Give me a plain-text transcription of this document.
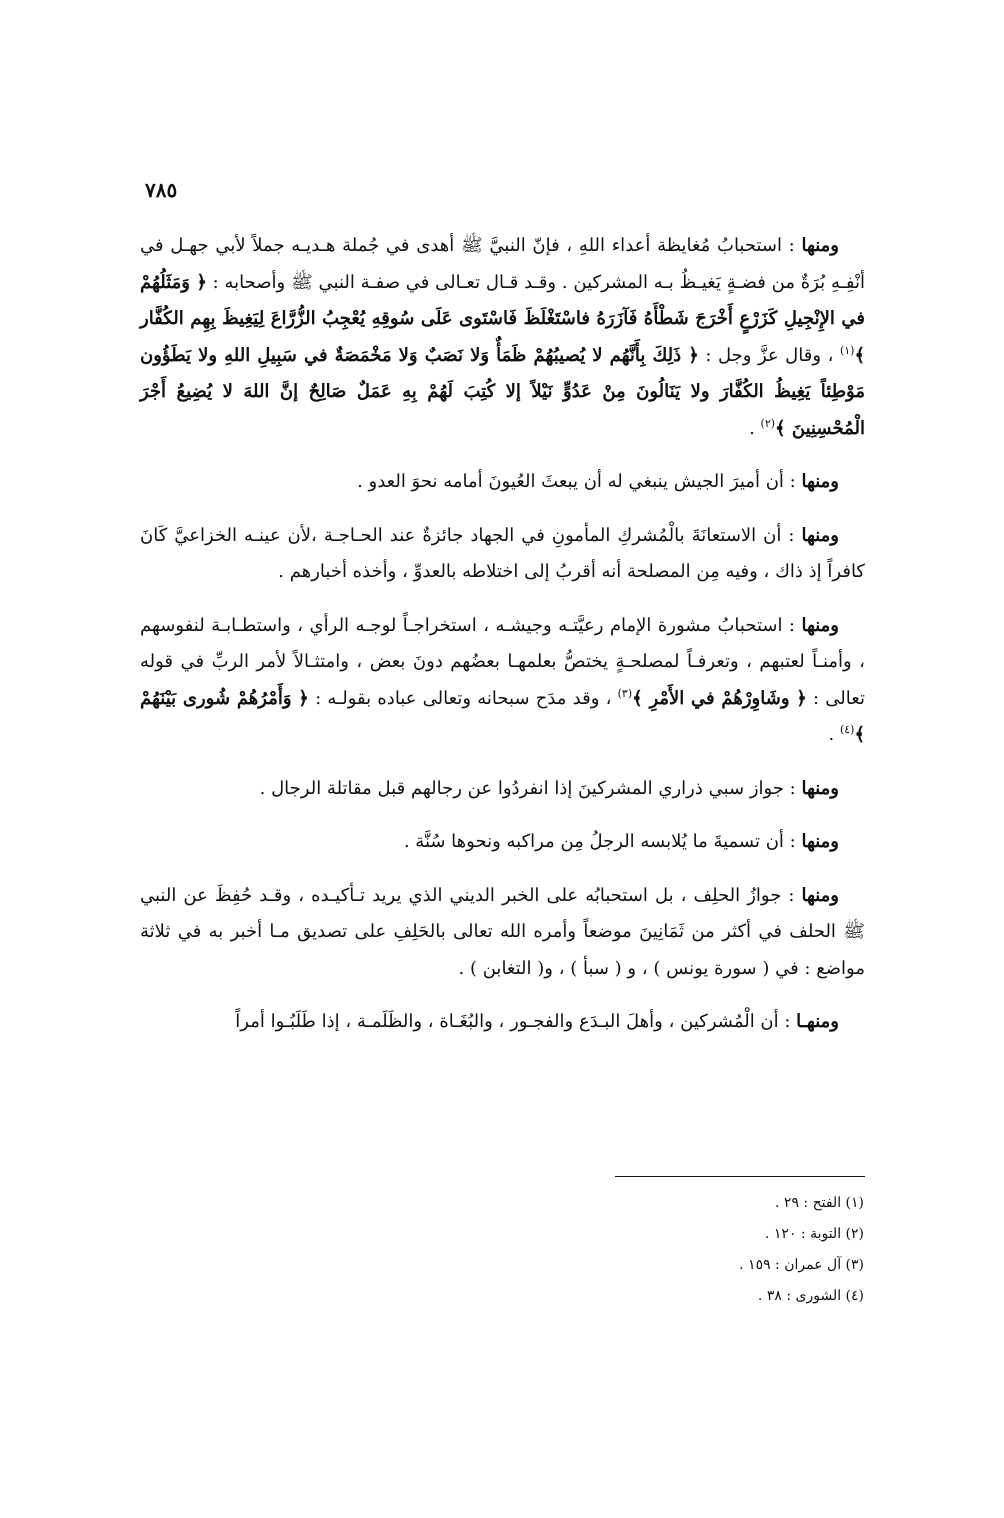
٧٨٥

ومنها : استحبابُ مُغايظة أعداء اللهِ ، فإنّ النبيَّ ﷺ أهدى في جُملة هـديـه جملاً لأبي جهـل في أنْفِـهِ بُرَةٌ من فضـةٍ يَغيـظُ بـه المشركين . وقـد قـال تعـالى في صفـة النبي ﷺ وأصحابه : ﴿ وَمَثَلُهُمْ في الإِنْجِيلِ كَزَرْعٍ أَخْرَجَ شَطْأَهُ فَآزَرَهُ فاسْتَغْلَظَ فَاسْتَوى عَلَى سُوقِهِ يُعْجِبُ الزُّرَّاعَ لِيَغِيظَ بِهِم الكُفَّار ﴾$^{(١)}$ ، وقال عزَّ وجل : ﴿ ذَلِكَ بِأَنَّهُم لا يُصيبُهُمْ ظَمَأٌ وَلا نَصَبٌ وَلا مَخْمَصَةٌ في سَبِيلِ اللهِ ولا يَطَؤُون مَوْطِئاً يَغِيظُ الكُفَّارَ ولا يَنَالُونَ مِنْ عَدُوٍّ نَيْلاً إلا كُتِبَ لَهُمْ بِهِ عَمَلٌ صَالِحٌ إنَّ اللهَ لا يُضِيعُ أَجْرَ الْمُحْسِنِينَ ﴾$^{(٢)}$ .

ومنها : أن أميرَ الجيش ينبغي له أن يبعثَ العُيونَ أمامه نحوَ العدو .

ومنها : أن الاستعانَةَ بالْمُشركِ المأمونِ في الجهاد جائزةٌ عند الحـاجـة ،لأن عينـه الخزاعيَّ كَانَ كافراً إذ ذاك ، وفيه مِن المصلحة أنه أقربُ إلى اختلاطه بالعدوِّ ، وأخذه أخبارهم .

ومنها : استحبابُ مشورة الإمام رعيَّتـه وجيشـه ، استخراجـاً لوجـه الرأي ، واستطـابـة لنفوسهم ، وأمنـاً لعتبهم ، وتعرفـاً لمصلحـةٍ يختصُّ بعلمهـا بعضُهم دونَ بعض ، وامتثـالاً لأمر الربِّ في قوله تعالى : ﴿ وشَاوِرْهُمْ في الأَمْرِ ﴾$^{(٣)}$ ، وقد مدَح سبحانه وتعالى عباده بقولـه : ﴿ وَأَمْرُهُمْ شُورى بَيْنَهُمْ ﴾$^{(٤)}$ .

ومنها : جواز سبي ذراري المشركينَ إذا انفردُوا عن رجالهم قبل مقاتلة الرجال .

ومنها : أن تسميةَ ما يُلابسه الرجلُ مِن مراكبه ونحوها سُنَّة .

ومنها : جوازُ الحلِف ، بل استحبابُه على الخبر الديني الذي يريد تـأكيـده ، وقـد حُفِظَ عن النبي ﷺ الحلف في أكثر من ثَمَانِينَ موضعاً وأمره الله تعالى بالحَلِفِ على تصديق مـا أخبر به في ثلاثة مواضع : في ( سورة يونس ) ، و ( سبأ ) ، و( التغابن ) .

ومنهـا : أن الْمُشركين ، وأهلَ البـدَع والفجـور ، والبُغَـاة ، والظَلَمـة ، إذا طَلَبُـوا أمراً

(١) الفتح : ٢٩ .
(٢) التوبة : ١٢٠ .
(٣) آل عمران : ١٥٩ .
(٤) الشورى : ٣٨ .
